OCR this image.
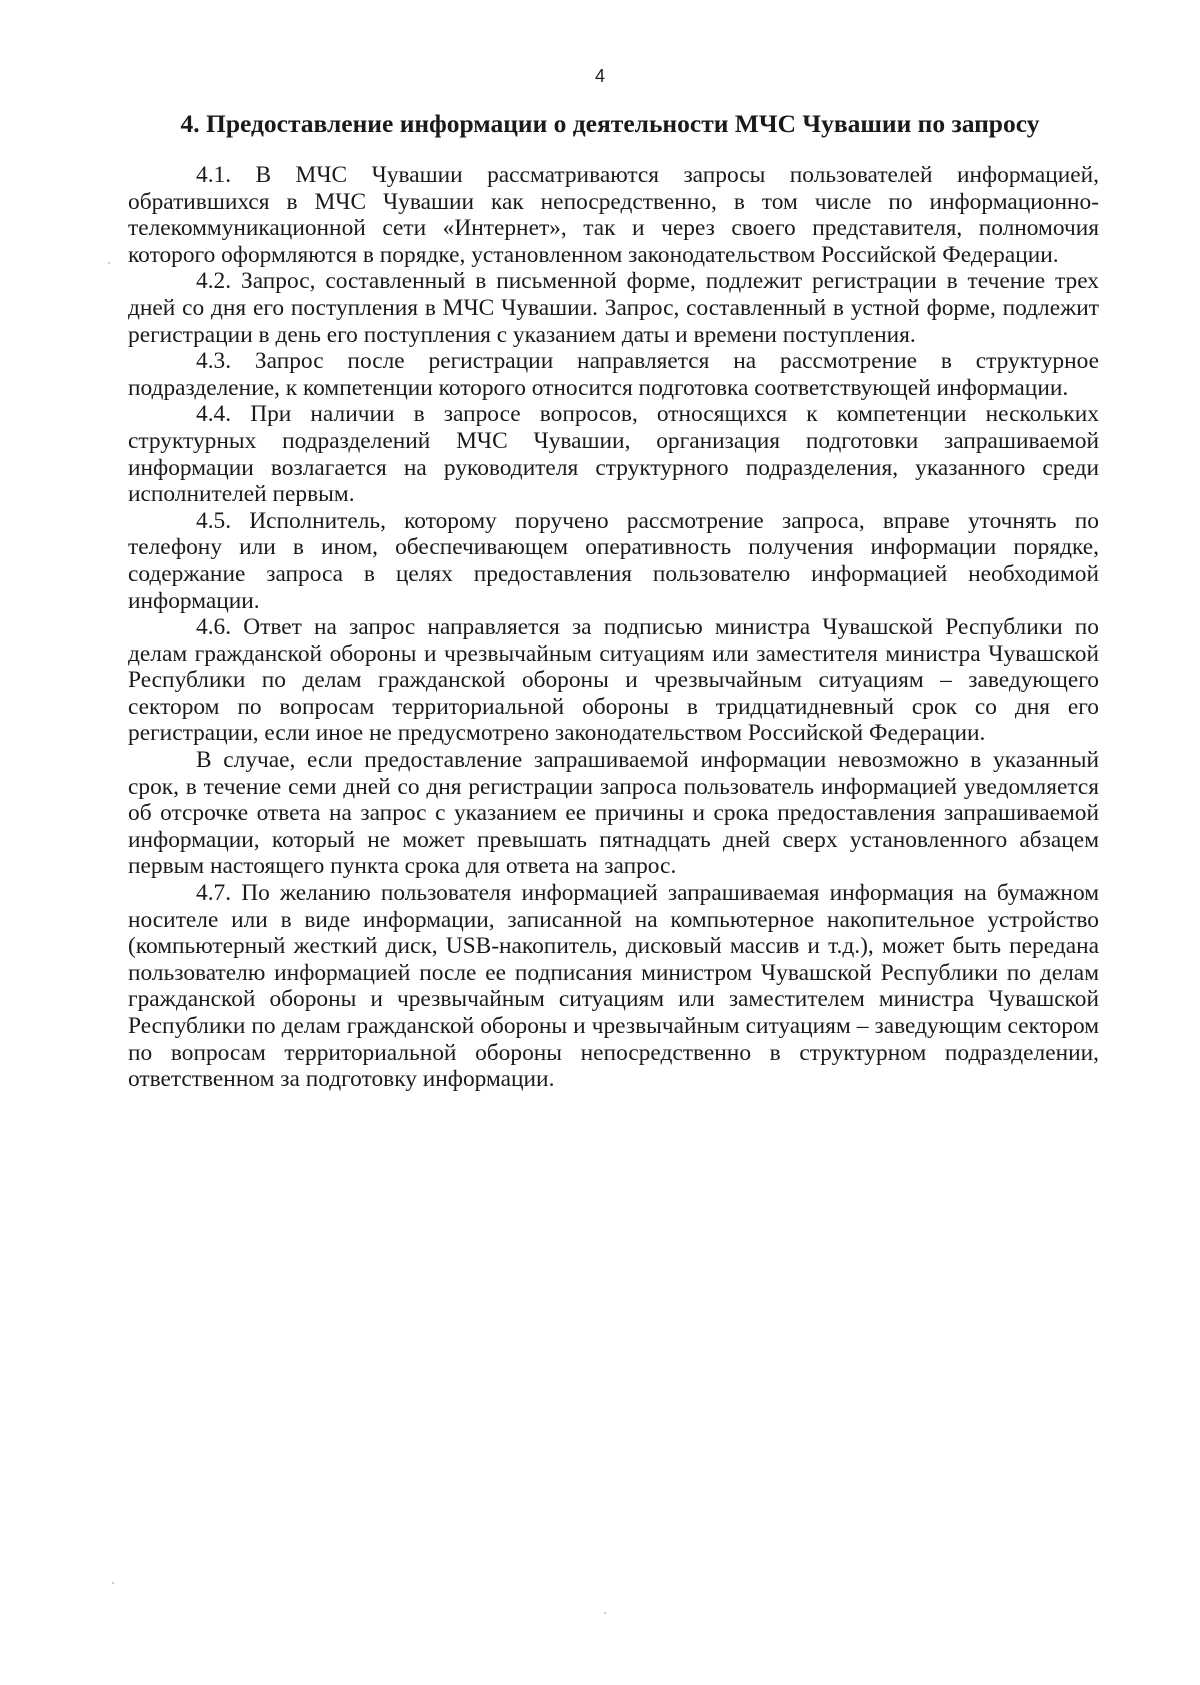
4
4. Предоставление информации о деятельности МЧС Чувашии по запросу

4.1. В МЧС Чувашии рассматриваются запросы пользователей информацией, обратившихся в МЧС Чувашии как непосредственно, в том числе по информационно-телекоммуникационной сети «Интернет», так и через своего представителя, полномочия которого оформляются в порядке, установленном законодательством Российской Федерации.

4.2. Запрос, составленный в письменной форме, подлежит регистрации в течение трех дней со дня его поступления в МЧС Чувашии. Запрос, составленный в устной форме, подлежит регистрации в день его поступления с указанием даты и времени поступления.

4.3. Запрос после регистрации направляется на рассмотрение в структурное подразделение, к компетенции которого относится подготовка соответствующей информации.

4.4. При наличии в запросе вопросов, относящихся к компетенции нескольких структурных подразделений МЧС Чувашии, организация подготовки запрашиваемой информации возлагается на руководителя структурного подразделения, указанного среди исполнителей первым.

4.5. Исполнитель, которому поручено рассмотрение запроса, вправе уточнять по телефону или в ином, обеспечивающем оперативность получения информации порядке, содержание запроса в целях предоставления пользователю информацией необходимой информации.

4.6. Ответ на запрос направляется за подписью министра Чувашской Республики по делам гражданской обороны и чрезвычайным ситуациям или заместителя министра Чувашской Республики по делам гражданской обороны и чрезвычайным ситуациям – заведующего сектором по вопросам территориальной обороны в тридцатидневный срок со дня его регистрации, если иное не предусмотрено законодательством Российской Федерации.

В случае, если предоставление запрашиваемой информации невозможно в указанный срок, в течение семи дней со дня регистрации запроса пользователь информацией уведомляется об отсрочке ответа на запрос с указанием ее причины и срока предоставления запрашиваемой информации, который не может превышать пятнадцать дней сверх установленного абзацем первым настоящего пункта срока для ответа на запрос.

4.7. По желанию пользователя информацией запрашиваемая информация на бумажном носителе или в виде информации, записанной на компьютерное накопительное устройство (компьютерный жесткий диск, USB-накопитель, дисковый массив и т.д.), может быть передана пользователю информацией после ее подписания министром Чувашской Республики по делам гражданской обороны и чрезвычайным ситуациям или заместителем министра Чувашской Республики по делам гражданской обороны и чрезвычайным ситуациям – заведующим сектором по вопросам территориальной обороны непосредственно в структурном подразделении, ответственном за подготовку информации.
